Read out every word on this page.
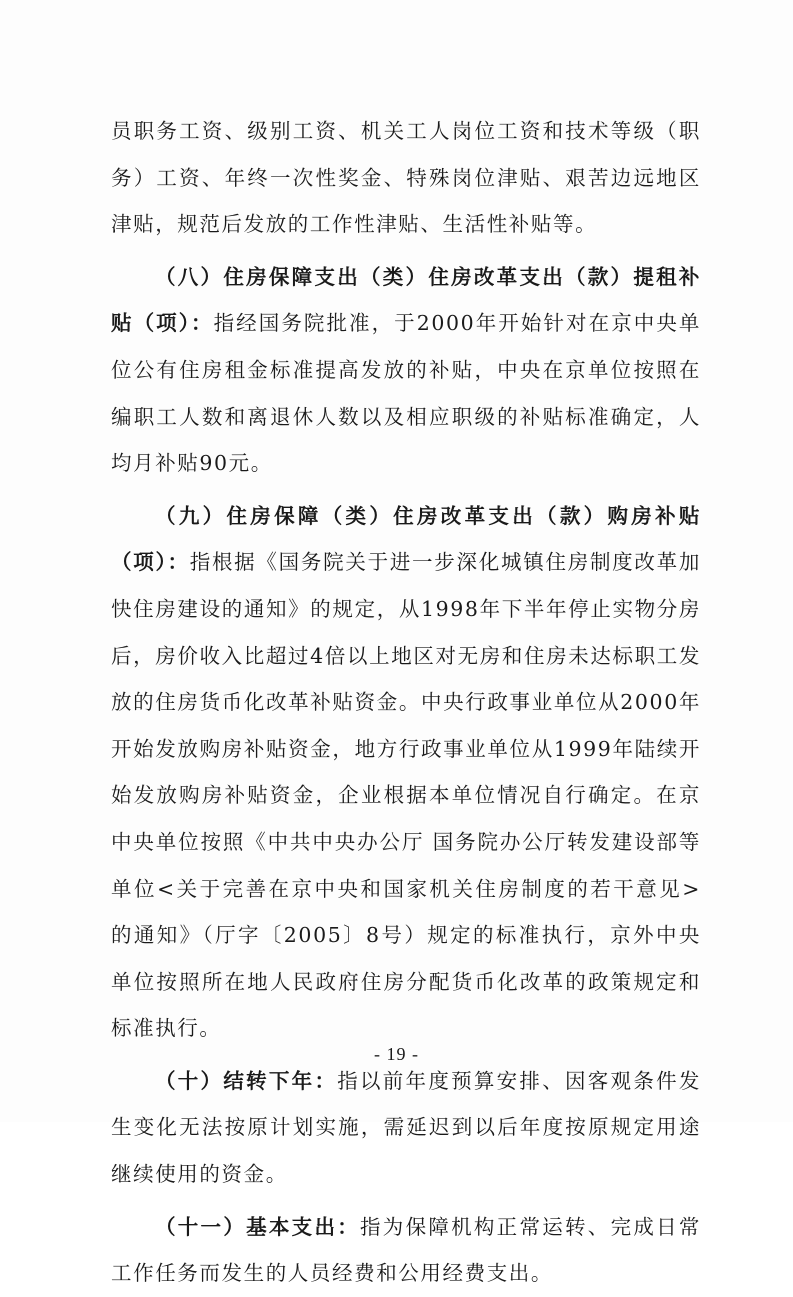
员职务工资、级别工资、机关工人岗位工资和技术等级（职务）工资、年终一次性奖金、特殊岗位津贴、艰苦边远地区津贴，规范后发放的工作性津贴、生活性补贴等。

（八）住房保障支出（类）住房改革支出（款）提租补贴（项）：指经国务院批准，于2000年开始针对在京中央单位公有住房租金标准提高发放的补贴，中央在京单位按照在编职工人数和离退休人数以及相应职级的补贴标准确定，人均月补贴90元。

（九）住房保障（类）住房改革支出（款）购房补贴（项）：指根据《国务院关于进一步深化城镇住房制度改革加快住房建设的通知》的规定，从1998年下半年停止实物分房后，房价收入比超过4倍以上地区对无房和住房未达标职工发放的住房货币化改革补贴资金。中央行政事业单位从2000年开始发放购房补贴资金，地方行政事业单位从1999年陆续开始发放购房补贴资金，企业根据本单位情况自行确定。在京中央单位按照《中共中央办公厅 国务院办公厅转发建设部等单位<关于完善在京中央和国家机关住房制度的若干意见>的通知》（厅字〔2005〕8号）规定的标准执行，京外中央单位按照所在地人民政府住房分配货币化改革的政策规定和标准执行。

（十）结转下年：指以前年度预算安排、因客观条件发生变化无法按原计划实施，需延迟到以后年度按原规定用途继续使用的资金。

（十一）基本支出：指为保障机构正常运转、完成日常工作任务而发生的人员经费和公用经费支出。

- 19 -
